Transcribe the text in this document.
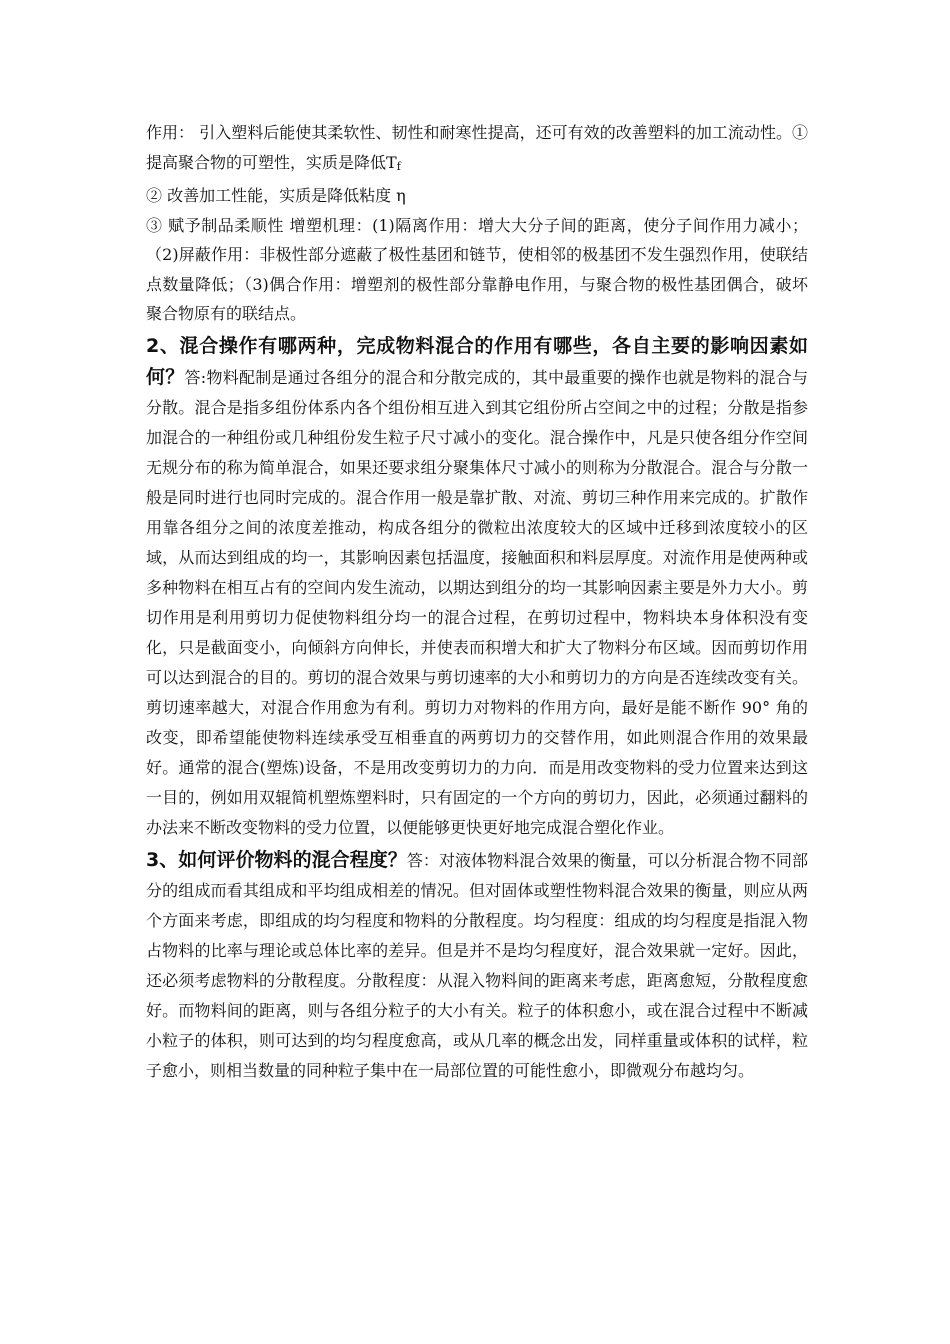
作用： 引入塑料后能使其柔软性、韧性和耐寒性提高，还可有效的改善塑料的加工流动性。①提高聚合物的可塑性，实质是降低Tf

② 改善加工性能，实质是降低粘度 η

③ 赋予制品柔顺性 增塑机理：(1)隔离作用：增大大分子间的距离，使分子间作用力减小；（2)屏蔽作用：非极性部分遮蔽了极性基团和链节，使相邻的极基团不发生强烈作用，使联结点数量降低；（3)偶合作用：增塑剂的极性部分靠静电作用，与聚合物的极性基团偶合，破坏聚合物原有的联结点。

2、混合操作有哪两种，完成物料混合的作用有哪些，各自主要的影响因素如何？答:物料配制是通过各组分的混合和分散完成的，其中最重要的操作也就是物料的混合与分散。混合是指多组份体系内各个组份相互进入到其它组份所占空间之中的过程；分散是指参加混合的一种组份或几种组份发生粒子尺寸减小的变化。混合操作中，凡是只使各组分作空间无规分布的称为简单混合，如果还要求组分聚集体尺寸减小的则称为分散混合。混合与分散一般是同时进行也同时完成的。混合作用一般是靠扩散、对流、剪切三种作用来完成的。扩散作用靠各组分之间的浓度差推动，构成各组分的微粒出浓度较大的区域中迁移到浓度较小的区域，从而达到组成的均一，其影响因素包括温度，接触面积和料层厚度。对流作用是使两种或多种物料在相互占有的空间内发生流动，以期达到组分的均一其影响因素主要是外力大小。剪切作用是利用剪切力促使物料组分均一的混合过程，在剪切过程中，物料块本身体积没有变化，只是截面变小，向倾斜方向伸长，并使表而积增大和扩大了物料分布区域。因而剪切作用可以达到混合的目的。剪切的混合效果与剪切速率的大小和剪切力的方向是否连续改变有关。剪切速率越大，对混合作用愈为有利。剪切力对物料的作用方向，最好是能不断作 90° 角的改变，即希望能使物料连续承受互相垂直的两剪切力的交替作用，如此则混合作用的效果最好。通常的混合(塑炼)设备，不是用改变剪切力的力向．而是用改变物料的受力位置来达到这一目的，例如用双辊简机塑炼塑料时，只有固定的一个方向的剪切力，因此，必须通过翻料的办法来不断改变物料的受力位置，以便能够更快更好地完成混合塑化作业。

3、如何评价物料的混合程度？答：对液体物料混合效果的衡量，可以分析混合物不同部分的组成而看其组成和平均组成相差的情况。但对固体或塑性物料混合效果的衡量，则应从两个方面来考虑，即组成的均匀程度和物料的分散程度。均匀程度：组成的均匀程度是指混入物占物料的比率与理论或总体比率的差异。但是并不是均匀程度好，混合效果就一定好。因此，还必须考虑物料的分散程度。分散程度：从混入物料间的距离来考虑，距离愈短，分散程度愈好。而物料间的距离，则与各组分粒子的大小有关。粒子的体积愈小，或在混合过程中不断减小粒子的体积，则可达到的均匀程度愈高，或从几率的概念出发，同样重量或体积的试样，粒子愈小，则相当数量的同种粒子集中在一局部位置的可能性愈小，即微观分布越均匀。
